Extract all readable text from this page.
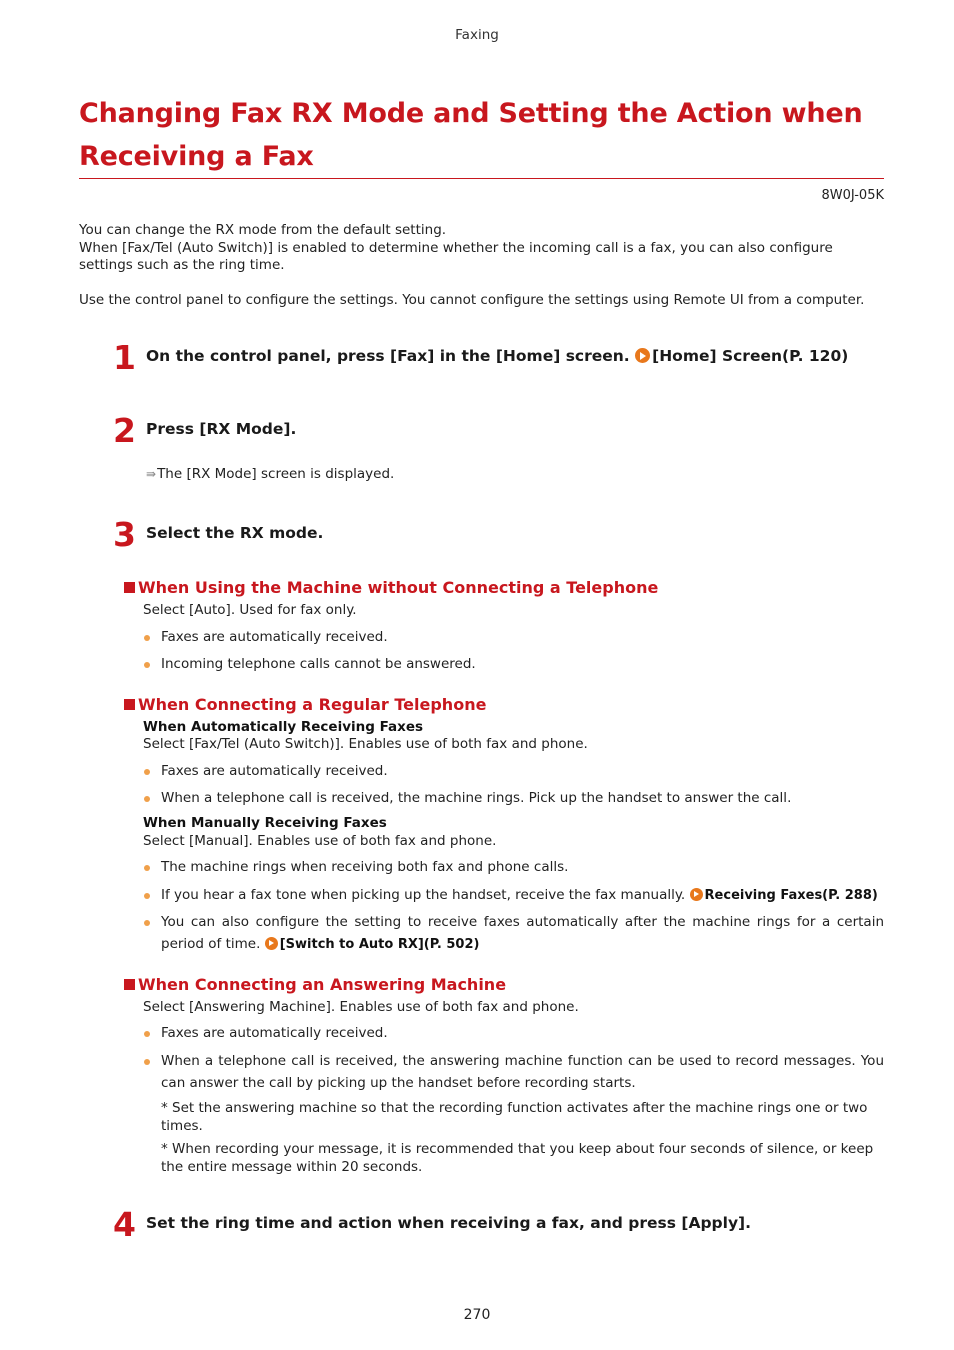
Faxing
Changing Fax RX Mode and Setting the Action when
Receiving a Fax
8W0J-05K
You can change the RX mode from the default setting.
When [Fax/Tel (Auto Switch)] is enabled to determine whether the incoming call is a fax, you can also configure
settings such as the ring time.
Use the control panel to configure the settings. You cannot configure the settings using Remote UI from a computer.
1 On the control panel, press [Fax] in the [Home] screen. [Home] Screen(P. 120)
2 Press [RX Mode].
⇛ The [RX Mode] screen is displayed.
3 Select the RX mode.
When Using the Machine without Connecting a Telephone
Select [Auto]. Used for fax only.
Faxes are automatically received.
Incoming telephone calls cannot be answered.
When Connecting a Regular Telephone
When Automatically Receiving Faxes
Select [Fax/Tel (Auto Switch)]. Enables use of both fax and phone.
Faxes are automatically received.
When a telephone call is received, the machine rings. Pick up the handset to answer the call.
When Manually Receiving Faxes
Select [Manual]. Enables use of both fax and phone.
The machine rings when receiving both fax and phone calls.
If you hear a fax tone when picking up the handset, receive the fax manually. Receiving Faxes(P. 288)
You can also configure the setting to receive faxes automatically after the machine rings for a certain
period of time. [Switch to Auto RX](P. 502)
When Connecting an Answering Machine
Select [Answering Machine]. Enables use of both fax and phone.
Faxes are automatically received.
When a telephone call is received, the answering machine function can be used to record messages. You
can answer the call by picking up the handset before recording starts.
* Set the answering machine so that the recording function activates after the machine rings one or two
times.
* When recording your message, it is recommended that you keep about four seconds of silence, or keep
the entire message within 20 seconds.
4 Set the ring time and action when receiving a fax, and press [Apply].
270
